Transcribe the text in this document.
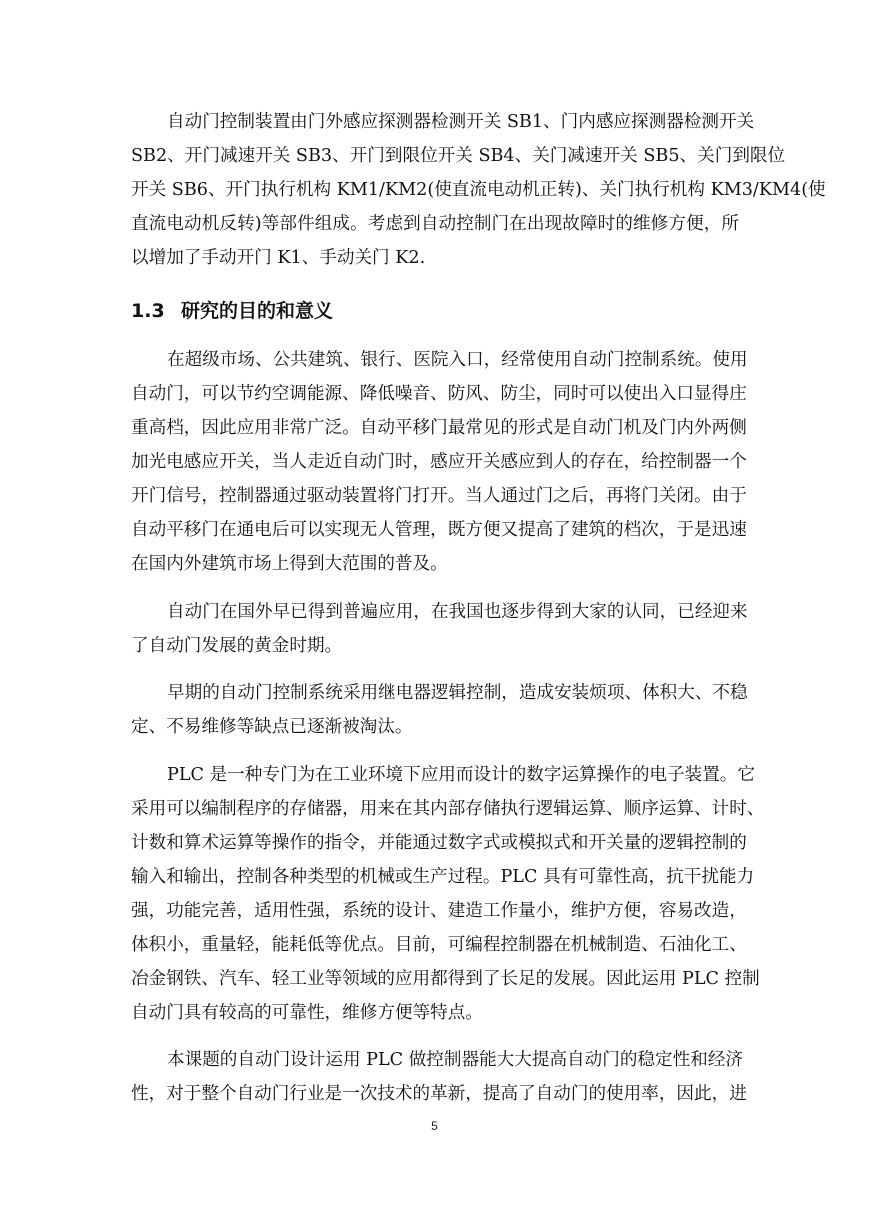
自动门控制装置由门外感应探测器检测开关 SB1、门内感应探测器检测开关
SB2、开门减速开关 SB3、开门到限位开关 SB4、关门减速开关 SB5、关门到限位
开关 SB6、开门执行机构 KM1/KM2(使直流电动机正转)、关门执行机构 KM3/KM4(使
直流电动机反转)等部件组成。考虑到自动控制门在出现故障时的维修方便，所
以增加了手动开门 K1、手动关门 K2.
1.3 研究的目的和意义
在超级市场、公共建筑、银行、医院入口，经常使用自动门控制系统。使用
自动门，可以节约空调能源、降低噪音、防风、防尘，同时可以使出入口显得庄
重高档，因此应用非常广泛。自动平移门最常见的形式是自动门机及门内外两侧
加光电感应开关，当人走近自动门时，感应开关感应到人的存在，给控制器一个
开门信号，控制器通过驱动装置将门打开。当人通过门之后，再将门关闭。由于
自动平移门在通电后可以实现无人管理，既方便又提高了建筑的档次，于是迅速
在国内外建筑市场上得到大范围的普及。
自动门在国外早已得到普遍应用，在我国也逐步得到大家的认同，已经迎来
了自动门发展的黄金时期。
早期的自动门控制系统采用继电器逻辑控制，造成安装烦项、体积大、不稳
定、不易维修等缺点已逐渐被淘汰。
PLC 是一种专门为在工业环境下应用而设计的数字运算操作的电子装置。它
采用可以编制程序的存储器，用来在其内部存储执行逻辑运算、顺序运算、计时、
计数和算术运算等操作的指令，并能通过数字式或模拟式和开关量的逻辑控制的
输入和输出，控制各种类型的机械或生产过程。PLC 具有可靠性高，抗干扰能力
强，功能完善，适用性强，系统的设计、建造工作量小，维护方便，容易改造，
体积小，重量轻，能耗低等优点。目前，可编程控制器在机械制造、石油化工、
冶金钢铁、汽车、轻工业等领域的应用都得到了长足的发展。因此运用 PLC 控制
自动门具有较高的可靠性，维修方便等特点。
本课题的自动门设计运用 PLC 做控制器能大大提高自动门的稳定性和经济
性，对于整个自动门行业是一次技术的革新，提高了自动门的使用率，因此，进
5
